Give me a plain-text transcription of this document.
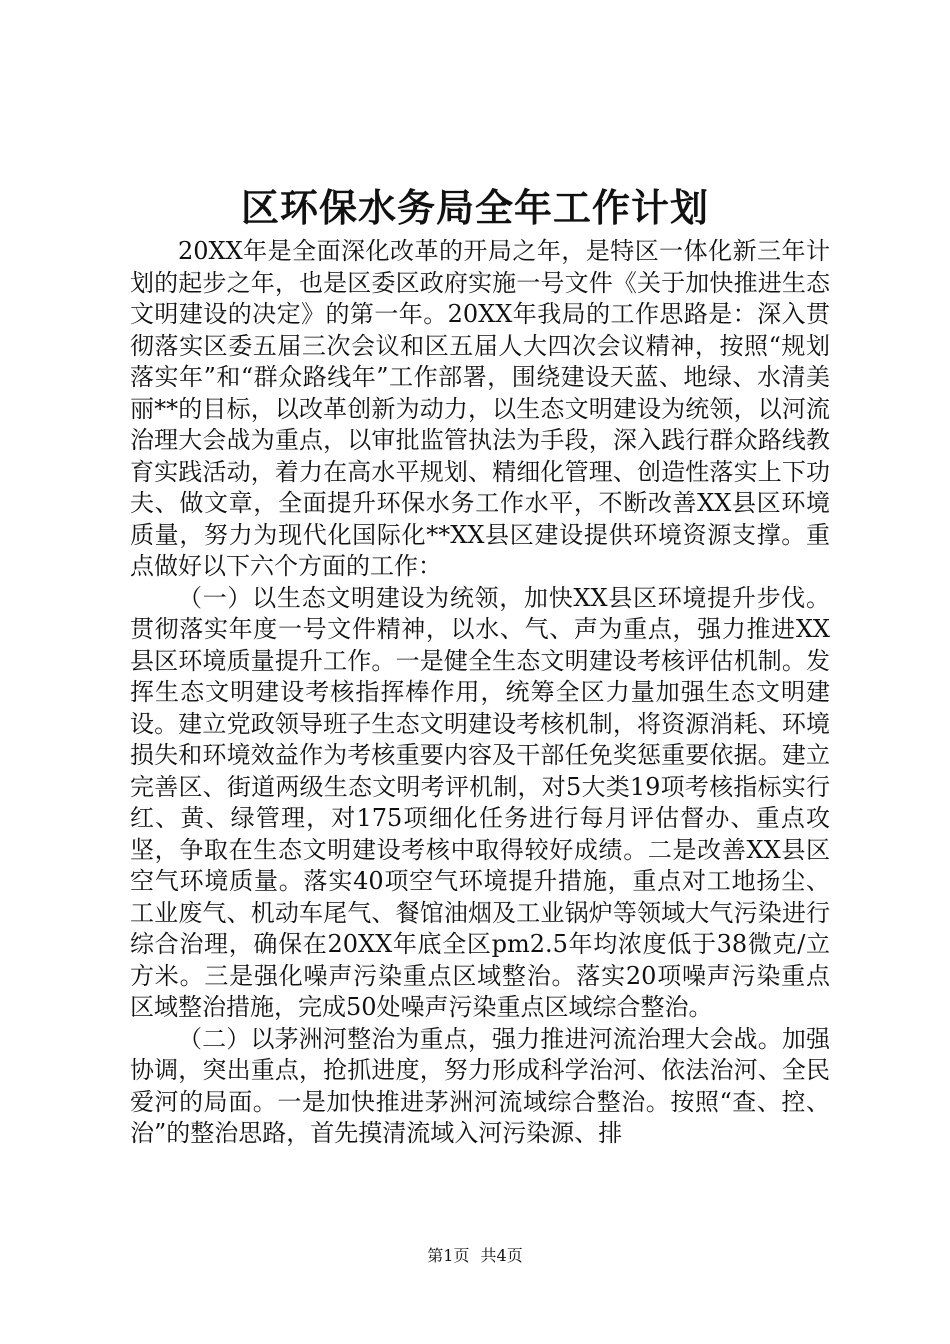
区环保水务局全年工作计划

20XX年是全面深化改革的开局之年，是特区一体化新三年计划的起步之年，也是区委区政府实施一号文件《关于加快推进生态文明建设的决定》的第一年。20XX年我局的工作思路是：深入贯彻落实区委五届三次会议和区五届人大四次会议精神，按照“规划落实年”和“群众路线年”工作部署，围绕建设天蓝、地绿、水清美丽**的目标，以改革创新为动力，以生态文明建设为统领，以河流治理大会战为重点，以审批监管执法为手段，深入践行群众路线教育实践活动，着力在高水平规划、精细化管理、创造性落实上下功夫、做文章，全面提升环保水务工作水平，不断改善XX县区环境质量，努力为现代化国际化**XX县区建设提供环境资源支撑。重点做好以下六个方面的工作：

（一）以生态文明建设为统领，加快XX县区环境提升步伐。贯彻落实年度一号文件精神，以水、气、声为重点，强力推进XX县区环境质量提升工作。一是健全生态文明建设考核评估机制。发挥生态文明建设考核指挥棒作用，统筹全区力量加强生态文明建设。建立党政领导班子生态文明建设考核机制，将资源消耗、环境损失和环境效益作为考核重要内容及干部任免奖惩重要依据。建立完善区、街道两级生态文明考评机制，对5大类19项考核指标实行红、黄、绿管理，对175项细化任务进行每月评估督办、重点攻坚，争取在生态文明建设考核中取得较好成绩。二是改善XX县区空气环境质量。落实40项空气环境提升措施，重点对工地扬尘、工业废气、机动车尾气、餐馆油烟及工业锅炉等领域大气污染进行综合治理，确保在20XX年底全区pm2.5年均浓度低于38微克/立方米。三是强化噪声污染重点区域整治。落实20项噪声污染重点区域整治措施，完成50处噪声污染重点区域综合整治。

（二）以茅洲河整治为重点，强力推进河流治理大会战。加强协调，突出重点，抢抓进度，努力形成科学治河、依法治河、全民爱河的局面。一是加快推进茅洲河流域综合整治。按照“查、控、治”的整治思路，首先摸清流域入河污染源、排

第1页 共4页
